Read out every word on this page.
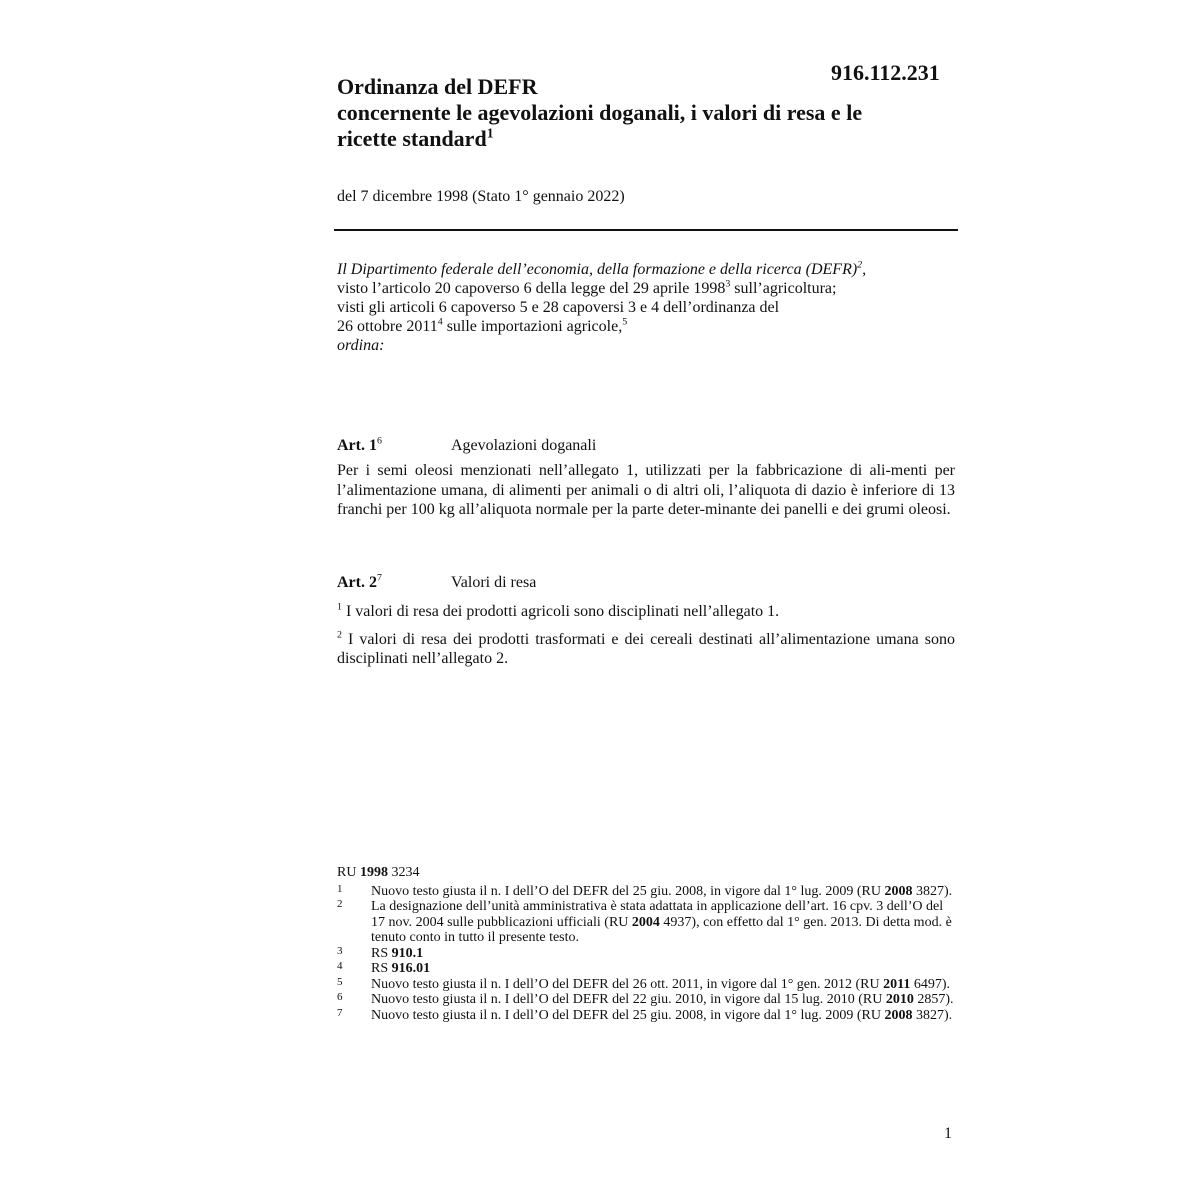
916.112.231
Ordinanza del DEFR
concernente le agevolazioni doganali, i valori di resa e le
ricette standard$^1$
del 7 dicembre 1998 (Stato 1° gennaio 2022)
Il Dipartimento federale dell’economia, della formazione e della ricerca (DEFR)$^2$,
visto l’articolo 20 capoverso 6 della legge del 29 aprile 1998$^3$ sull’agricoltura;
visti gli articoli 6 capoverso 5 e 28 capoversi 3 e 4 dell’ordinanza del
26 ottobre 2011$^4$ sulle importazioni agricole,$^5$
ordina:
Art. $1^6$	Agevolazioni doganali
Per i semi oleosi menzionati nell’allegato 1, utilizzati per la fabbricazione di ali-menti per l’alimentazione umana, di alimenti per animali o di altri oli, l’aliquota di dazio è inferiore di 13 franchi per 100 kg all’aliquota normale per la parte deter-minante dei panelli e dei grumi oleosi.
Art. $2^7$	Valori di resa
$^1$ I valori di resa dei prodotti agricoli sono disciplinati nell’allegato 1.
$^2$ I valori di resa dei prodotti trasformati e dei cereali destinati all’alimentazione umana sono disciplinati nell’allegato 2.
RU 1998 3234
1 Nuovo testo giusta il n. I dell’O del DEFR del 25 giu. 2008, in vigore dal 1° lug. 2009 (RU 2008 3827).
2 La designazione dell’unità amministrativa è stata adattata in applicazione dell’art. 16 cpv. 3 dell’O del 17 nov. 2004 sulle pubblicazioni ufficiali (RU 2004 4937), con effetto dal 1° gen. 2013. Di detta mod. è tenuto conto in tutto il presente testo.
3 RS 910.1
4 RS 916.01
5 Nuovo testo giusta il n. I dell’O del DEFR del 26 ott. 2011, in vigore dal 1° gen. 2012 (RU 2011 6497).
6 Nuovo testo giusta il n. I dell’O del DEFR del 22 giu. 2010, in vigore dal 15 lug. 2010 (RU 2010 2857).
7 Nuovo testo giusta il n. I dell’O del DEFR del 25 giu. 2008, in vigore dal 1° lug. 2009 (RU 2008 3827).
1
